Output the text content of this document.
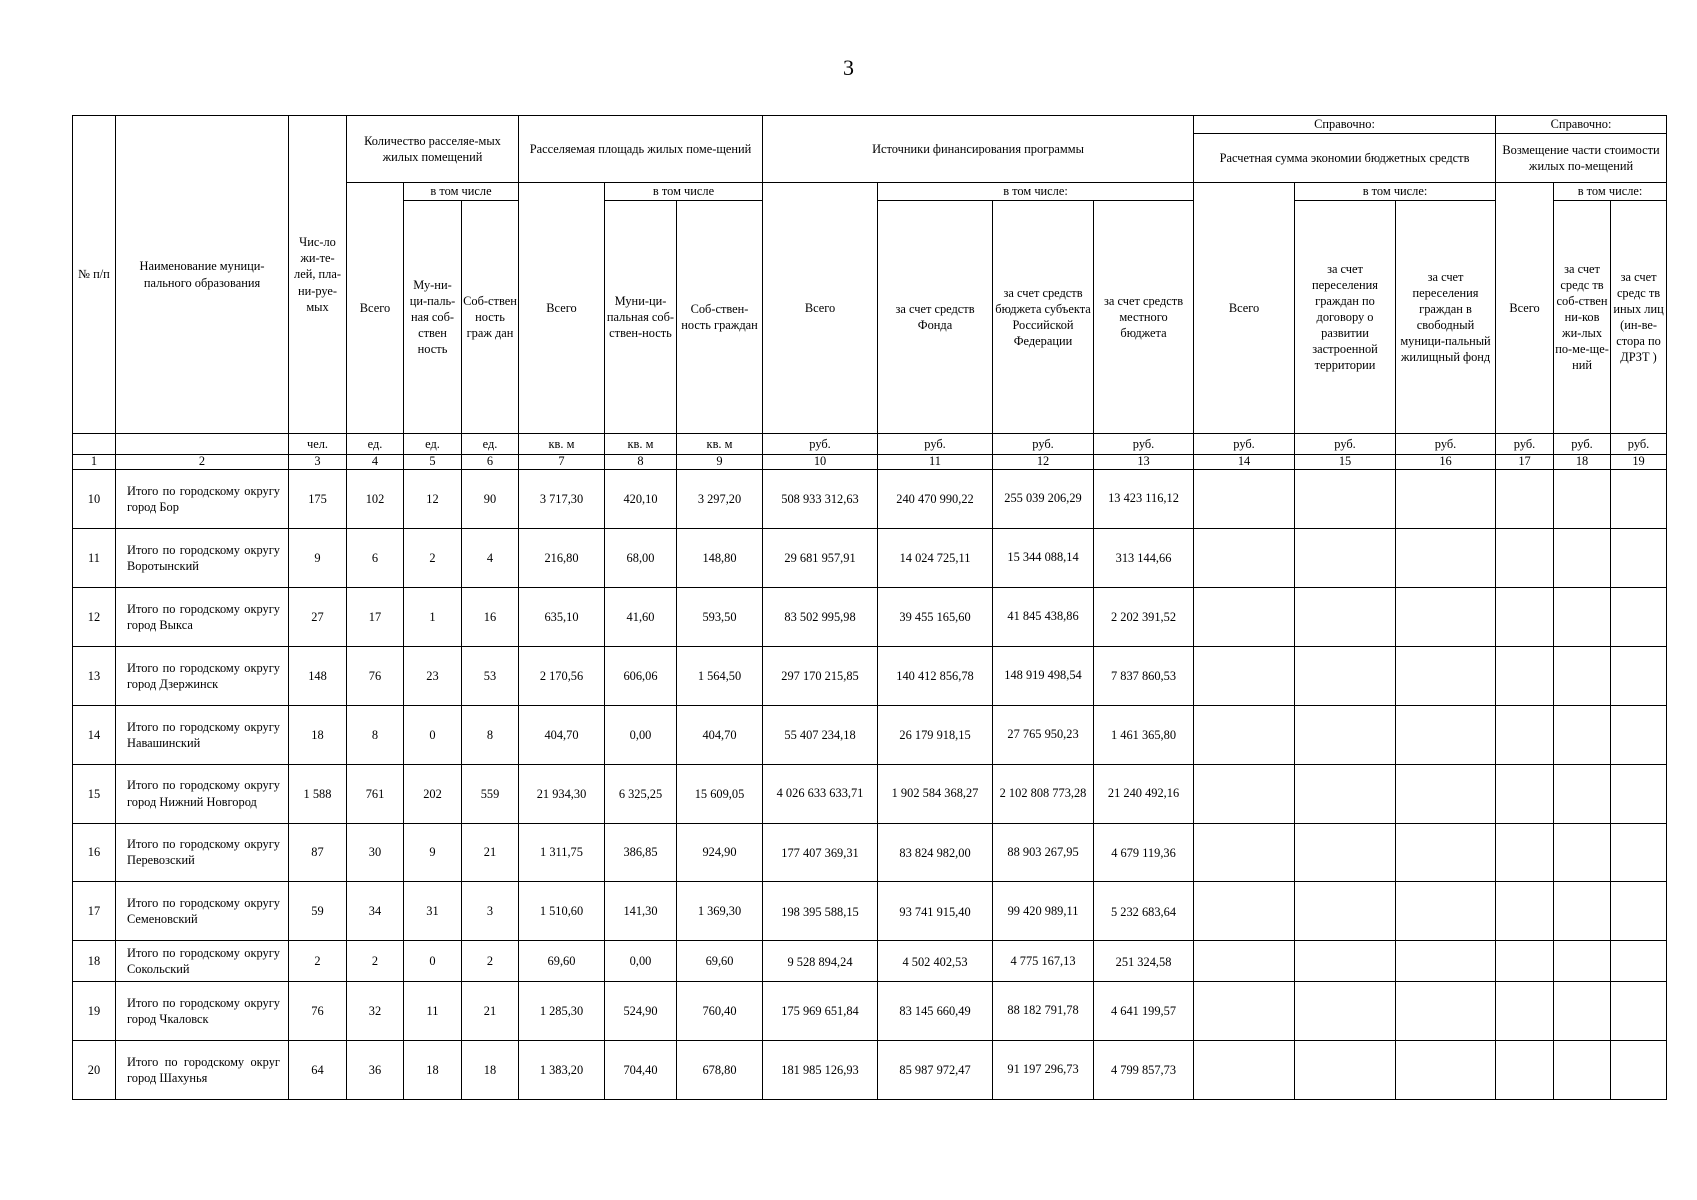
3
№ п/п	Наименование муници-пального образования	Чис-ло жи-те-лей, пла-ни-руе-мых	Количество расселяе-мых жилых помещений			Расселяемая площадь жилых поме-щений			Источники финансирования программы				Справочно:			Справочно:		
													Расчетная сумма экономии бюджетных средств			Возмещение части стоимости жилых по-мещений		
			Всего	в том числе		Всего	в том числе		Всего	в том числе:			Всего	в том числе:		Всего	в том числе:	
				Му-ни-ци-паль-ная соб-ствен ность	Соб-ствен ность граж дан		Муни-ци-пальная соб-ствен-ность	Соб-ствен-ность граждан		за счет средств Фонда	за счет средств бюджета субъекта Российской Федерации	за счет средств местного бюджета		за счет переселения граждан по договору о развитии застроенной территории	за счет переселения граждан в свободный муници-пальный жилищный фонд		за счет средс тв соб-ствен ни-ков жи-лых по-ме-ще-ний	за счет средс тв иных лиц (ин-ве-стора по ДРЗТ )
		чел.	ед.	ед.	ед.	кв. м	кв. м	кв. м	руб.	руб.	руб.	руб.	руб.	руб.	руб.	руб.	руб.	руб.
1	2	3	4	5	6	7	8	9	10	11	12	13	14	15	16	17	18	19
10	Итого по городскому округу город Бор	175	102	12	90	3 717,30	420,10	3 297,20	508 933 312,63	240 470 990,22	255 039 206,29	13 423 116,12						
11	Итого по городскому округу Воротынский	9	6	2	4	216,80	68,00	148,80	29 681 957,91	14 024 725,11	15 344 088,14	313 144,66						
12	Итого по городскому округу город Выкса	27	17	1	16	635,10	41,60	593,50	83 502 995,98	39 455 165,60	41 845 438,86	2 202 391,52						
13	Итого по городскому округу город Дзержинск	148	76	23	53	2 170,56	606,06	1 564,50	297 170 215,85	140 412 856,78	148 919 498,54	7 837 860,53						
14	Итого по городскому округу Навашинский	18	8	0	8	404,70	0,00	404,70	55 407 234,18	26 179 918,15	27 765 950,23	1 461 365,80						
15	Итого по городскому округу город Нижний Новгород	1 588	761	202	559	21 934,30	6 325,25	15 609,05	4 026 633 633,71	1 902 584 368,27	2 102 808 773,28	21 240 492,16						
16	Итого по городскому округу Перевозский	87	30	9	21	1 311,75	386,85	924,90	177 407 369,31	83 824 982,00	88 903 267,95	4 679 119,36						
17	Итого по городскому округу Семеновский	59	34	31	3	1 510,60	141,30	1 369,30	198 395 588,15	93 741 915,40	99 420 989,11	5 232 683,64						
18	Итого по городскому округу Сокольский	2	2	0	2	69,60	0,00	69,60	9 528 894,24	4 502 402,53	4 775 167,13	251 324,58						
19	Итого по городскому округу город Чкаловск	76	32	11	21	1 285,30	524,90	760,40	175 969 651,84	83 145 660,49	88 182 791,78	4 641 199,57						
20	Итого по городскому округ город Шахунья	64	36	18	18	1 383,20	704,40	678,80	181 985 126,93	85 987 972,47	91 197 296,73	4 799 857,73						
